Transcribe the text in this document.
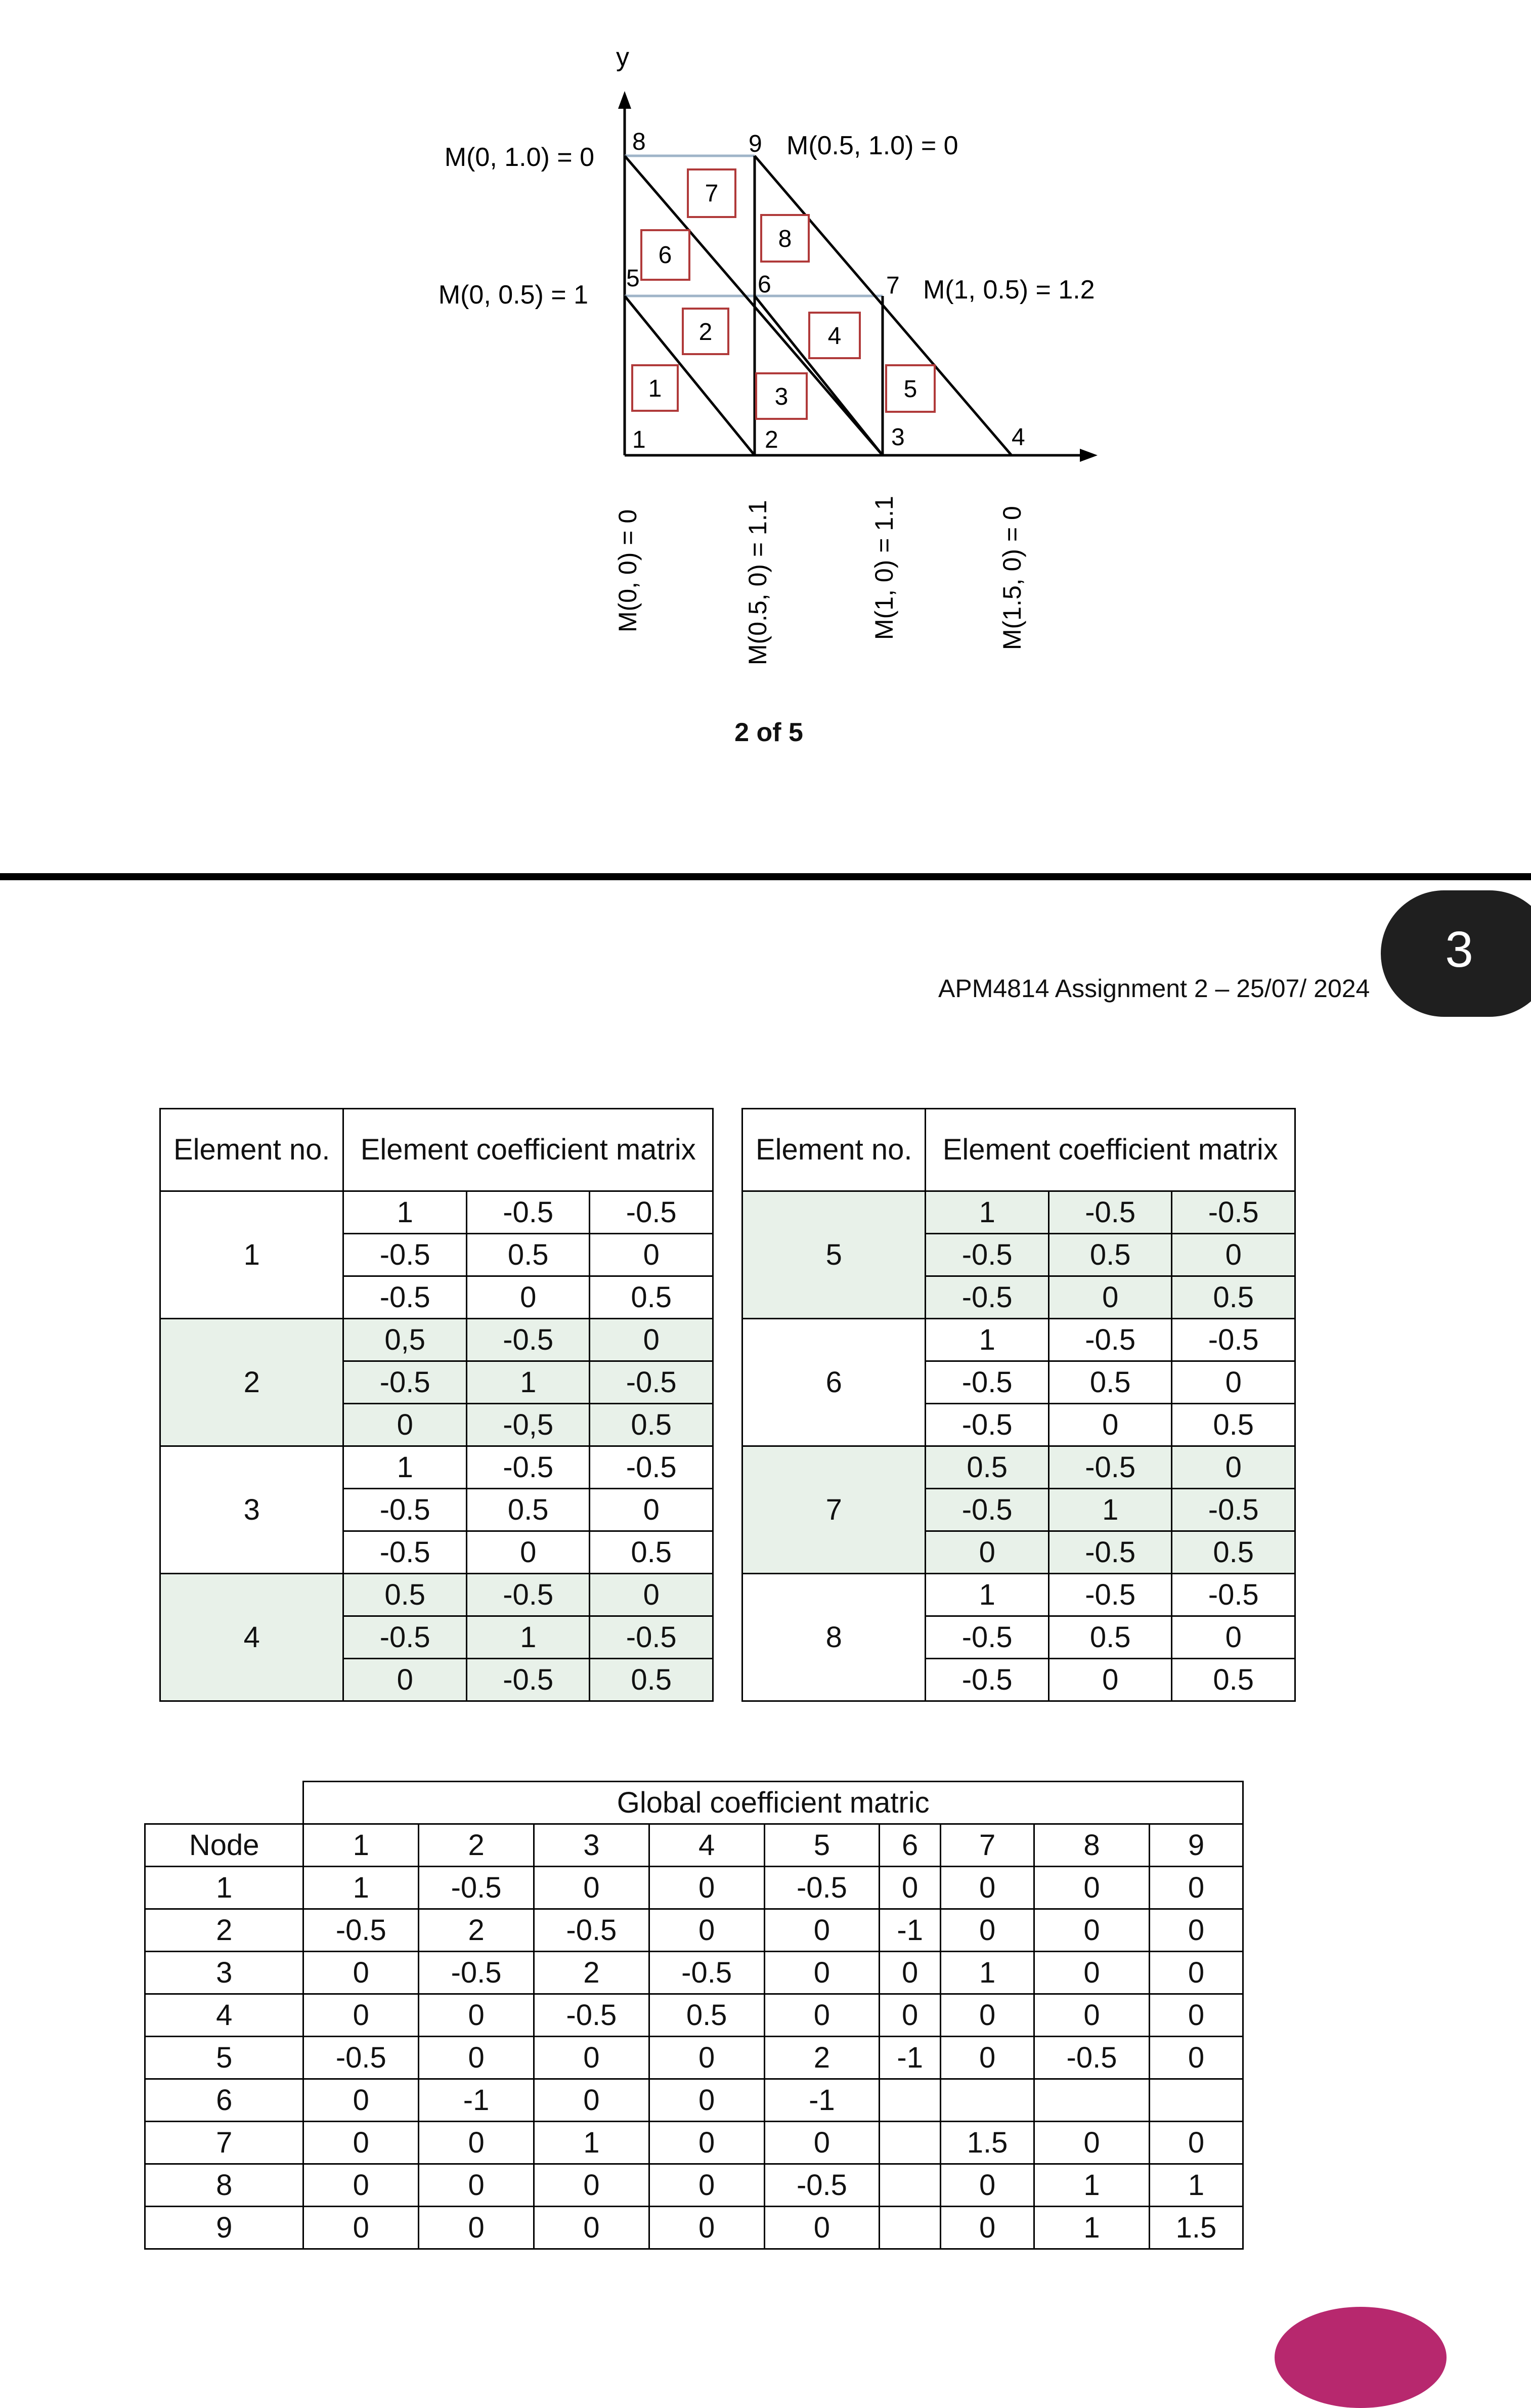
y
1	2	3	4
5	6	7
8	9
1
2
3
4
5
6
7
8
M(0, 1.0) = 0
M(0, 0.5) = 1
M(0.5, 1.0) = 0
M(1, 0.5) = 1.2
M(0, 0) = 0	M(0.5, 0) = 1.1	M(1, 0) = 1.1	M(1.5, 0) = 0
2 of 5
3
APM4814 Assignment 2 – 25/07/ 2024
Element no.	Element coefficient matrix		
1	1	-0.5	-0.5
	-0.5	0.5	0
	-0.5	0	0.5
2	0,5	-0.5	0
	-0.5	1	-0.5
	0	-0,5	0.5
3	1	-0.5	-0.5
	-0.5	0.5	0
	-0.5	0	0.5
4	0.5	-0.5	0
	-0.5	1	-0.5
	0	-0.5	0.5
Element no.	Element coefficient matrix		
5	1	-0.5	-0.5
	-0.5	0.5	0
	-0.5	0	0.5
6	1	-0.5	-0.5
	-0.5	0.5	0
	-0.5	0	0.5
7	0.5	-0.5	0
	-0.5	1	-0.5
	0	-0.5	0.5
8	1	-0.5	-0.5
	-0.5	0.5	0
	-0.5	0	0.5
	Global coefficient matric								
Node	1	2	3	4	5	6	7	8	9
1	1	-0.5	0	0	-0.5	0	0	0	0
2	-0.5	2	-0.5	0	0	-1	0	0	0
3	0	-0.5	2	-0.5	0	0	1	0	0
4	0	0	-0.5	0.5	0	0	0	0	0
5	-0.5	0	0	0	2	-1	0	-0.5	0
6	0	-1	0	0	-1				
7	0	0	1	0	0		1.5	0	0
8	0	0	0	0	-0.5		0	1	1
9	0	0	0	0	0		0	1	1.5
